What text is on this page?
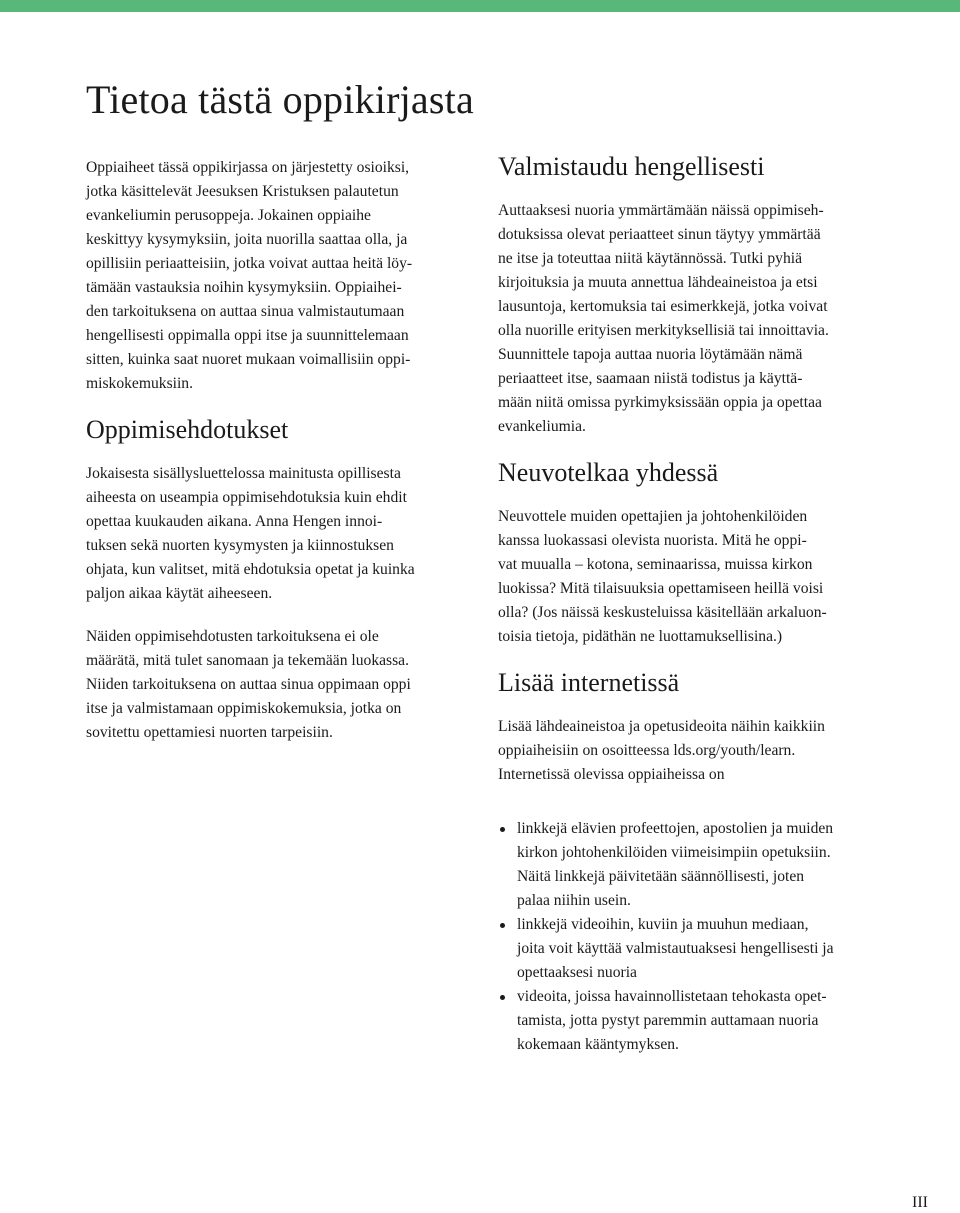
Tietoa tästä oppikirjasta

Oppiaiheet tässä oppikirjassa on järjestetty osioiksi,
jotka käsittelevät Jeesuksen Kristuksen palautetun
evankeliumin perusoppeja. Jokainen oppiaihe
keskittyy kysymyksiin, joita nuorilla saattaa olla, ja
opillisiin periaatteisiin, jotka voivat auttaa heitä löy-
tämään vastauksia noihin kysymyksiin. Oppiaihei-
den tarkoituksena on auttaa sinua valmistautumaan
hengellisesti oppimalla oppi itse ja suunnittelemaan
sitten, kuinka saat nuoret mukaan voimallisiin oppi-
miskokemuksiin.

Oppimisehdotukset

Jokaisesta sisällysluettelossa mainitusta opillisesta
aiheesta on useampia oppimisehdotuksia kuin ehdit
opettaa kuukauden aikana. Anna Hengen innoi-
tuksen sekä nuorten kysymysten ja kiinnostuksen
ohjata, kun valitset, mitä ehdotuksia opetat ja kuinka
paljon aikaa käytät aiheeseen.

Näiden oppimisehdotusten tarkoituksena ei ole
määrätä, mitä tulet sanomaan ja tekemään luokassa.
Niiden tarkoituksena on auttaa sinua oppimaan oppi
itse ja valmistamaan oppimiskokemuksia, jotka on
sovitettu opettamiesi nuorten tarpeisiin.

Valmistaudu hengellisesti

Auttaaksesi nuoria ymmärtämään näissä oppimiseh-
dotuksissa olevat periaatteet sinun täytyy ymmärtää
ne itse ja toteuttaa niitä käytännössä. Tutki pyhiä
kirjoituksia ja muuta annettua lähdeaineistoa ja etsi
lausuntoja, kertomuksia tai esimerkkejä, jotka voivat
olla nuorille erityisen merkityksellisiä tai innoittavia.
Suunnittele tapoja auttaa nuoria löytämään nämä
periaatteet itse, saamaan niistä todistus ja käyttä-
mään niitä omissa pyrkimyksissään oppia ja opettaa
evankeliumia.

Neuvotelkaa yhdessä

Neuvottele muiden opettajien ja johtohenkilöiden
kanssa luokassasi olevista nuorista. Mitä he oppi-
vat muualla – kotona, seminaarissa, muissa kirkon
luokissa? Mitä tilaisuuksia opettamiseen heillä voisi
olla? (Jos näissä keskusteluissa käsitellään arkaluon-
toisia tietoja, pidäthän ne luottamuksellisina.)

Lisää internetissä

Lisää lähdeaineistoa ja opetusideoita näihin kaikkiin
oppiaiheisiin on osoitteessa lds.org/youth/learn.
Internetissä olevissa oppiaiheissa on

linkkejä elävien profeettojen, apostolien ja muiden
kirkon johtohenkilöiden viimeisimpiin opetuksiin.
Näitä linkkejä päivitetään säännöllisesti, joten
palaa niihin usein.
linkkejä videoihin, kuviin ja muuhun mediaan,
joita voit käyttää valmistautuaksesi hengellisesti ja
opettaaksesi nuoria
videoita, joissa havainnollistetaan tehokasta opet-
tamista, jotta pystyt paremmin auttamaan nuoria
kokemaan kääntymyksen.
III
